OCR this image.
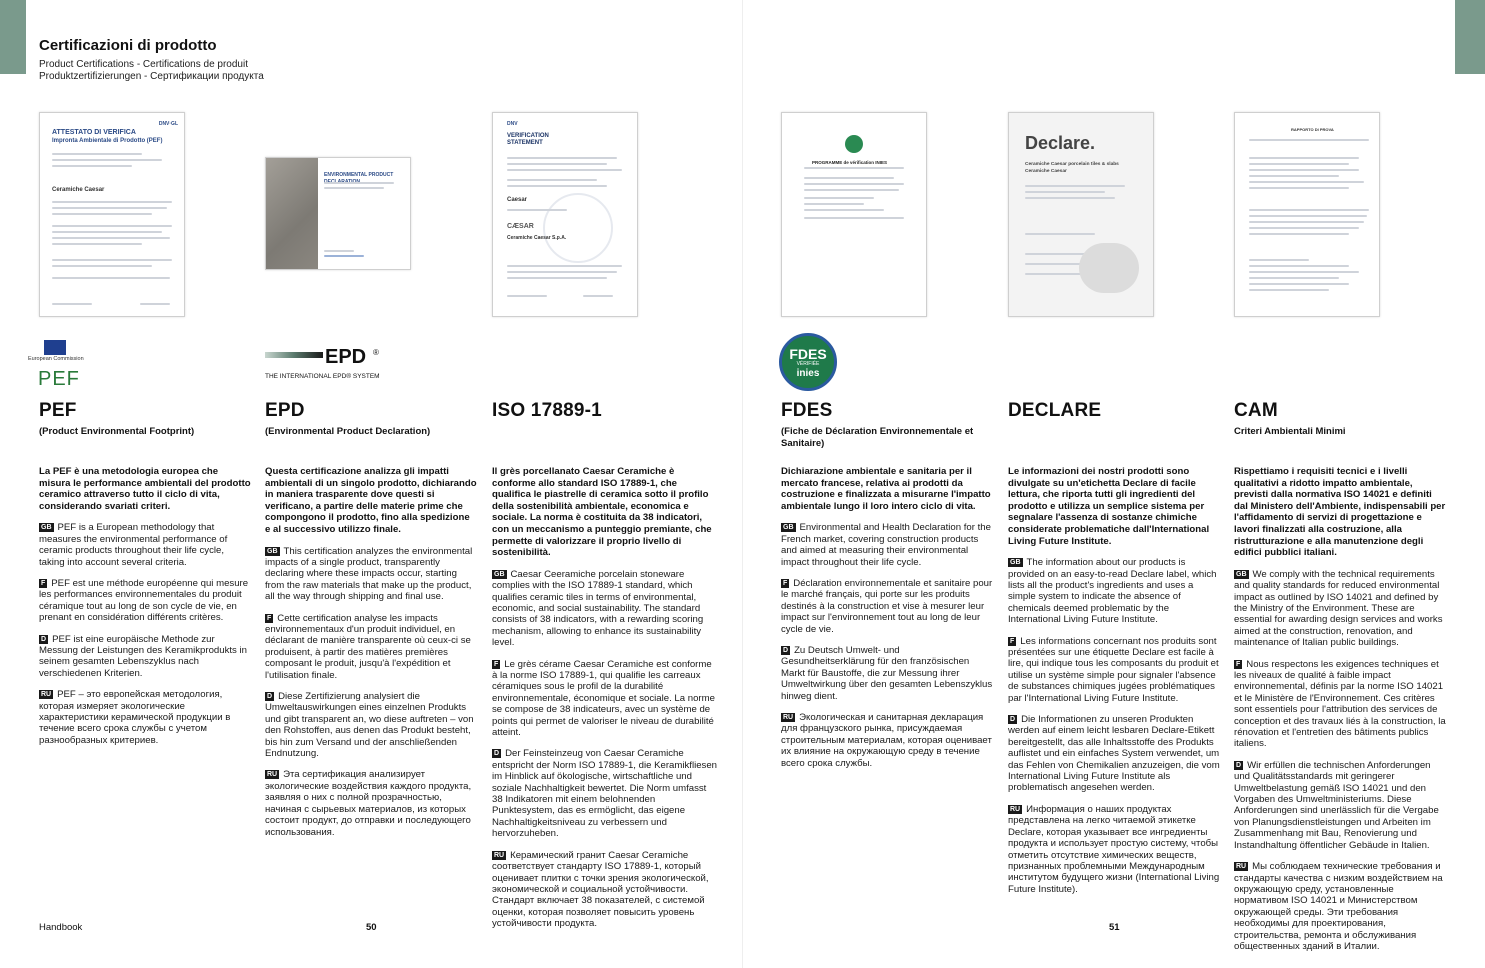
Certificazioni di prodotto
Product Certifications - Certifications de produit
Produktzertifizierungen - Сертификации продукта
DNV·GL
ATTESTATO DI VERIFICA
Impronta Ambientale di Prodotto (PEF)
Ceramiche Caesar
ENVIRONMENTAL PRODUCT
DNV
VERIFICATION STATEMENT
Caesar
CÆSAR
Ceramiche Caesar S.p.A.
PROGRAMME de vérification INIES
Declare.
Ceramiche Caesar porcelain tiles & slabs
Ceramiche Caesar
RAPPORTO DI PROVA
European Commission
PEF
EPD ®
THE INTERNATIONAL EPD® SYSTEM
FDES
VÉRIFIÉE
inies
PEF
(Product Environmental Footprint)
La PEF è una metodologia europea che misura le performance ambientali del prodotto ceramico attraverso tutto il ciclo di vita, considerando svariati criteri.

GB PEF is a European methodology that measures the environmental performance of ceramic products throughout their life cycle, taking into account several criteria.

F PEF est une méthode européenne qui mesure les performances environnementales du produit céramique tout au long de son cycle de vie, en prenant en considération différents critères.

D PEF ist eine europäische Methode zur Messung der Leistungen des Keramikprodukts in seinem gesamten Lebenszyklus nach verschiedenen Kriterien.

RU PEF – это европейская методология, которая измеряет экологические характеристики керамической продукции в течение всего срока службы с учетом разнообразных критериев.

EPD
(Environmental Product Declaration)
Questa certificazione analizza gli impatti ambientali di un singolo prodotto, dichiarando in maniera trasparente dove questi si verificano, a partire delle materie prime che compongono il prodotto, fino alla spedizione e al successivo utilizzo finale.

GB This certification analyzes the environmental impacts of a single product, transparently declaring where these impacts occur, starting from the raw materials that make up the product, all the way through shipping and final use.

F Cette certification analyse les impacts environnementaux d'un produit individuel, en déclarant de manière transparente où ceux-ci se produisent, à partir des matières premières composant le produit, jusqu'à l'expédition et l'utilisation finale.

D Diese Zertifizierung analysiert die Umweltauswirkungen eines einzelnen Produkts und gibt transparent an, wo diese auftreten – von den Rohstoffen, aus denen das Produkt besteht, bis hin zum Versand und der anschließenden Endnutzung.

RU Эта сертификация анализирует экологические воздействия каждого продукта, заявляя о них с полной прозрачностью, начиная с сырьевых материалов, из которых состоит продукт, до отправки и последующего использования.

ISO 17889-1
Il grès porcellanato Caesar Ceramiche è conforme allo standard ISO 17889-1, che qualifica le piastrelle di ceramica sotto il profilo della sostenibilità ambientale, economica e sociale. La norma è costituita da 38 indicatori, con un meccanismo a punteggio premiante, che permette di valorizzare il proprio livello di sostenibilità.

GB Caesar Ceeramiche porcelain stoneware complies with the ISO 17889-1 standard, which qualifies ceramic tiles in terms of environmental, economic, and social sustainability. The standard consists of 38 indicators, with a rewarding scoring mechanism, allowing to enhance its sustainability level.

F Le grès cérame Caesar Ceramiche est conforme à la norme ISO 17889-1, qui qualifie les carreaux céramiques sous le profil de la durabilité environnementale, économique et sociale. La norme se compose de 38 indicateurs, avec un système de points qui permet de valoriser le niveau de durabilité atteint.

D Der Feinsteinzeug von Caesar Ceramiche entspricht der Norm ISO 17889-1, die Keramikfliesen im Hinblick auf ökologische, wirtschaftliche und soziale Nachhaltigkeit bewertet. Die Norm umfasst 38 Indikatoren mit einem belohnenden Punktesystem, das es ermöglicht, das eigene Nachhaltigkeitsniveau zu verbessern und hervorzuheben.

RU Керамический гранит Caesar Ceramiche соответствует стандарту ISO 17889-1, который оценивает плитки с точки зрения экологической, экономической и социальной устойчивости. Стандарт включает 38 показателей, с системой оценки, которая позволяет повысить уровень устойчивости продукта.

FDES
(Fiche de Déclaration Environnementale et Sanitaire)
Dichiarazione ambientale e sanitaria per il mercato francese, relativa ai prodotti da costruzione e finalizzata a misurarne l'impatto ambientale lungo il loro intero ciclo di vita.

GB Environmental and Health Declaration for the French market, covering construction products and aimed at measuring their environmental impact throughout their life cycle.

F Déclaration environnementale et sanitaire pour le marché français, qui porte sur les produits destinés à la construction et vise à mesurer leur impact sur l'environnement tout au long de leur cycle de vie.

D Zu Deutsch Umwelt- und Gesundheitserklärung für den französischen Markt für Baustoffe, die zur Messung ihrer Umweltwirkung über den gesamten Lebenszyklus hinweg dient.

RU Экологическая и санитарная декларация для французского рынка, присуждаемая строительным материалам, которая оценивает их влияние на окружающую среду в течение всего срока службы.

DECLARE
Le informazioni dei nostri prodotti sono divulgate su un'etichetta Declare di facile lettura, che riporta tutti gli ingredienti del prodotto e utilizza un semplice sistema per segnalare l'assenza di sostanze chimiche considerate problematiche dall'International Living Future Institute.

GB The information about our products is provided on an easy-to-read Declare label, which lists all the product's ingredients and uses a simple system to indicate the absence of chemicals deemed problematic by the International Living Future Institute.

F Les informations concernant nos produits sont présentées sur une étiquette Declare est facile à lire, qui indique tous les composants du produit et utilise un système simple pour signaler l'absence de substances chimiques jugées problématiques par l'International Living Future Institute.

D Die Informationen zu unseren Produkten werden auf einem leicht lesbaren Declare-Etikett bereitgestellt, das alle Inhaltsstoffe des Produkts auflistet und ein einfaches System verwendet, um das Fehlen von Chemikalien anzuzeigen, die vom International Living Future Institute als problematisch angesehen werden.

RU Информация о наших продуктах представлена на легко читаемой этикетке Declare, которая указывает все ингредиенты продукта и использует простую систему, чтобы отметить отсутствие химических веществ, признанных проблемными Международным институтом будущего жизни (International Living Future Institute).

CAM
Criteri Ambientali Minimi
Rispettiamo i requisiti tecnici e i livelli qualitativi a ridotto impatto ambientale, previsti dalla normativa ISO 14021 e definiti dal Ministero dell'Ambiente, indispensabili per l'affidamento di servizi di progettazione e lavori finalizzati alla costruzione, alla ristrutturazione e alla manutenzione degli edifici pubblici italiani.

GB We comply with the technical requirements and quality standards for reduced environmental impact as outlined by ISO 14021 and defined by the Ministry of the Environment. These are essential for awarding design services and works aimed at the construction, renovation, and maintenance of Italian public buildings.

F Nous respectons les exigences techniques et les niveaux de qualité à faible impact environnemental, définis par la norme ISO 14021 et le Ministère de l'Environnement. Ces critères sont essentiels pour l'attribution des services de conception et des travaux liés à la construction, la rénovation et l'entretien des bâtiments publics italiens.

D Wir erfüllen die technischen Anforderungen und Qualitätsstandards mit geringerer Umweltbelastung gemäß ISO 14021 und den Vorgaben des Umweltministeriums. Diese Anforderungen sind unerlässlich für die Vergabe von Planungsdienstleistungen und Arbeiten im Zusammenhang mit Bau, Renovierung und Instandhaltung öffentlicher Gebäude in Italien.

RU Мы соблюдаем технические требования и стандарты качества с низким воздействием на окружающую среду, установленные нормативом ISO 14021 и Министерством окружающей среды. Эти требования необходимы для проектирования, строительства, ремонта и обслуживания общественных зданий в Италии.

Handbook	50	51
